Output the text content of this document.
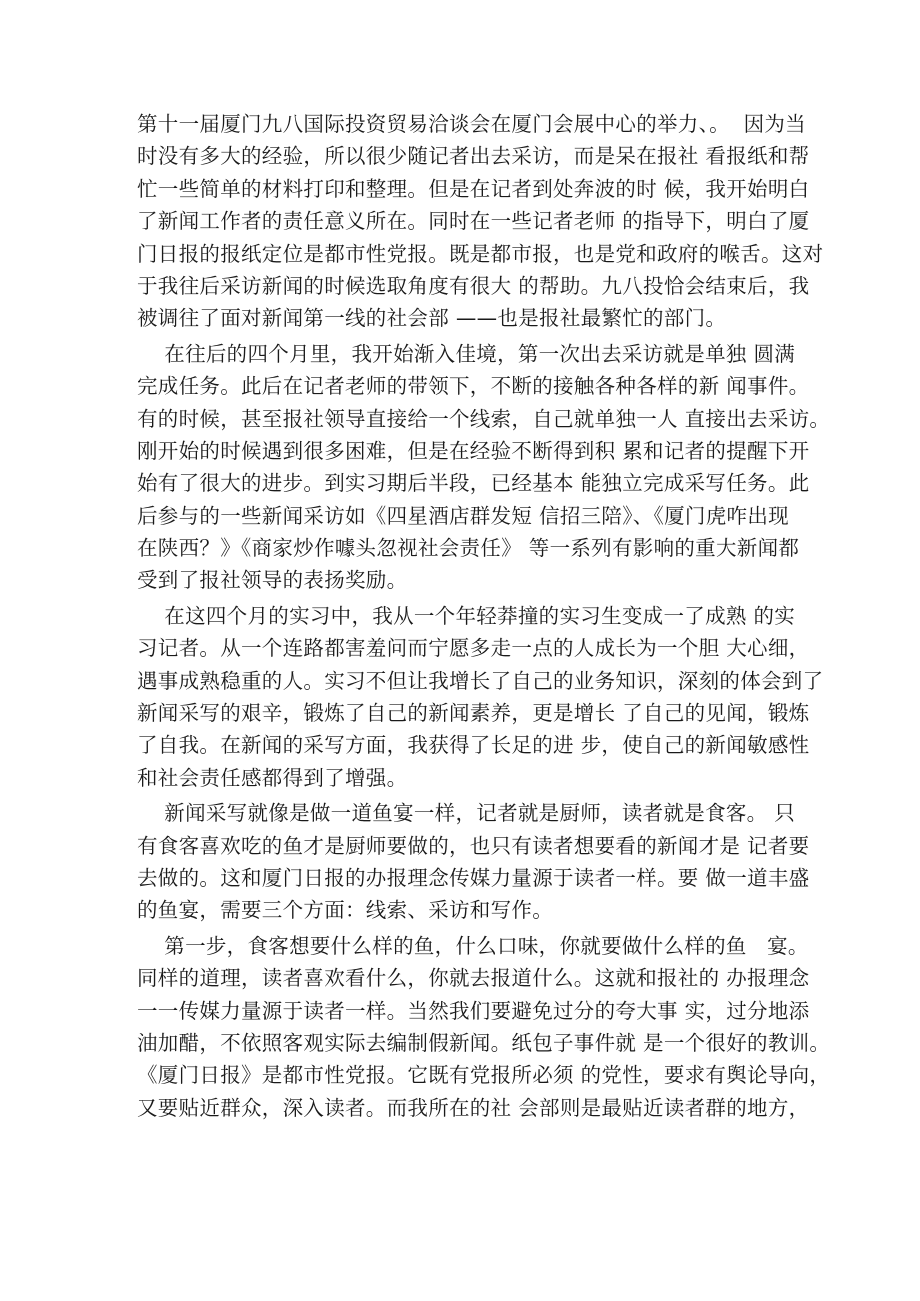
第十一届厦门九八国际投资贸易洽谈会在厦门会展中心的举力、。  因为当
时没有多大的经验，所以很少随记者出去采访，而是呆在报社 看报纸和帮
忙一些简单的材料打印和整理。但是在记者到处奔波的时 候，我开始明白
了新闻工作者的责任意义所在。同时在一些记者老师 的指导下，明白了厦
门日报的报纸定位是都市性党报。既是都市报，也是党和政府的喉舌。这对
于我往后采访新闻的时候选取角度有很大 的帮助。九八投恰会结束后，我
被调往了面对新闻第一线的社会部 ——也是报社最繁忙的部门。
在往后的四个月里，我开始渐入佳境，第一次出去采访就是单独 圆满
完成任务。此后在记者老师的带领下，不断的接触各种各样的新 闻事件。
有的时候，甚至报社领导直接给一个线索，自己就单独一人 直接出去采访。
刚开始的时候遇到很多困难，但是在经验不断得到积 累和记者的提醒下开
始有了很大的进步。到实习期后半段，已经基本 能独立完成采写任务。此
后参与的一些新闻采访如《四星酒店群发短 信招三陪》、《厦门虎咋出现
在陕西？》《商家炒作噱头忽视社会责任》 等一系列有影响的重大新闻都
受到了报社领导的表扬奖励。
在这四个月的实习中，我从一个年轻莽撞的实习生变成一了成熟 的实
习记者。从一个连路都害羞问而宁愿多走一点的人成长为一个胆 大心细，
遇事成熟稳重的人。实习不但让我增长了自己的业务知识，深刻的体会到了
新闻采写的艰辛，锻炼了自己的新闻素养，更是增长 了自己的见闻，锻炼
了自我。在新闻的采写方面，我获得了长足的进 步，使自己的新闻敏感性
和社会责任感都得到了增强。
新闻采写就像是做一道鱼宴一样，记者就是厨师，读者就是食客。 只
有食客喜欢吃的鱼才是厨师要做的，也只有读者想要看的新闻才是 记者要
去做的。这和厦门日报的办报理念传媒力量源于读者一样。要 做一道丰盛
的鱼宴，需要三个方面：线索、采访和写作。
第一步，食客想要什么样的鱼，什么口味，你就要做什么样的鱼   宴。
同样的道理，读者喜欢看什么，你就去报道什么。这就和报社的 办报理念
一一传媒力量源于读者一样。当然我们要避免过分的夸大事 实，过分地添
油加醋，不依照客观实际去编制假新闻。纸包子事件就 是一个很好的教训。
《厦门日报》是都市性党报。它既有党报所必须 的党性，要求有舆论导向，
又要贴近群众，深入读者。而我所在的社 会部则是最贴近读者群的地方，
